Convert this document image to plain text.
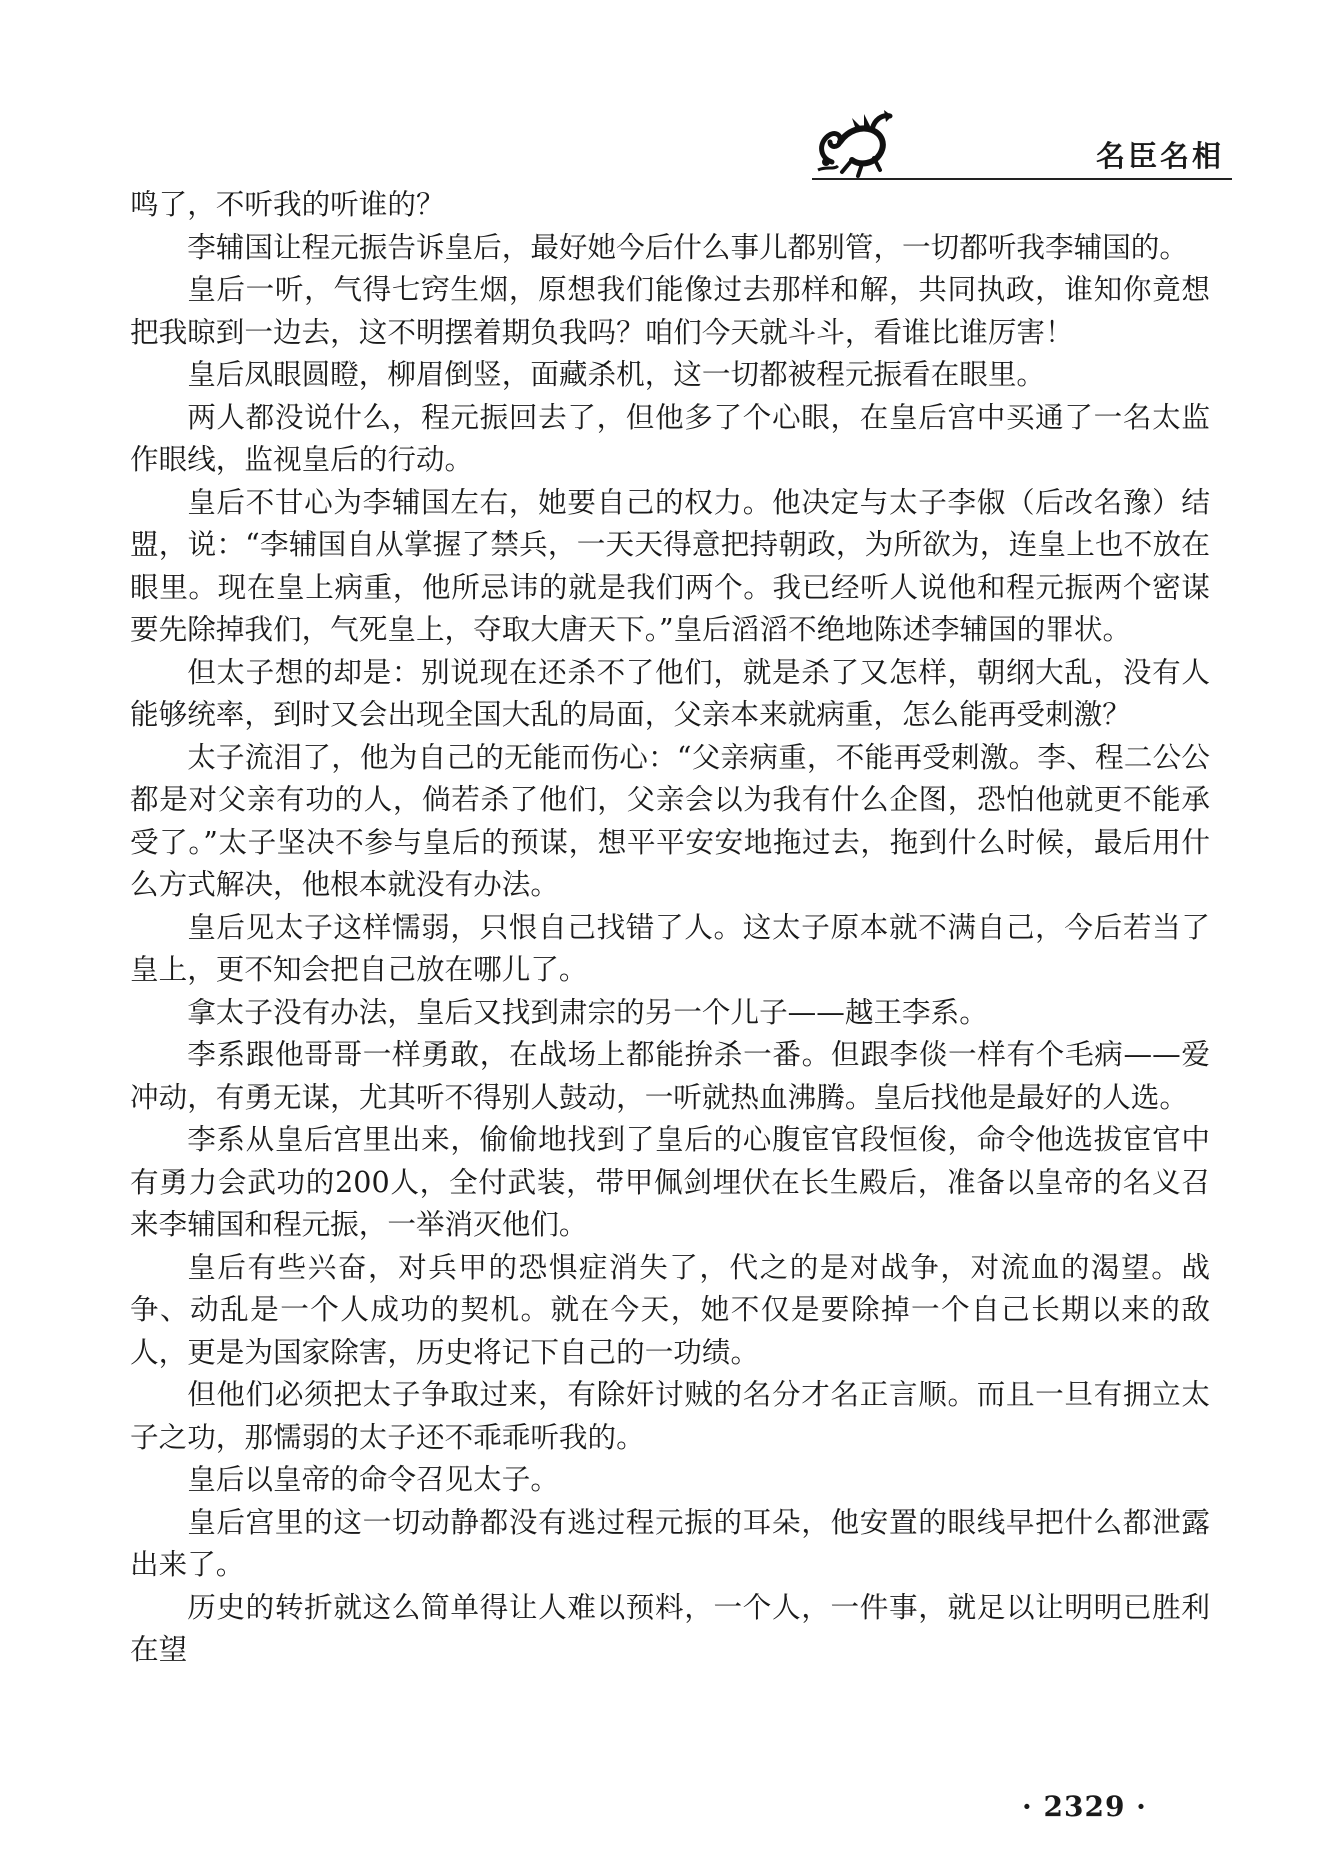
名臣名相

鸣了，不听我的听谁的？

李辅国让程元振告诉皇后，最好她今后什么事儿都别管，一切都听我李辅国的。

皇后一听，气得七窍生烟，原想我们能像过去那样和解，共同执政，谁知你竟想把我晾到一边去，这不明摆着期负我吗？咱们今天就斗斗，看谁比谁厉害！

皇后凤眼圆瞪，柳眉倒竖，面藏杀机，这一切都被程元振看在眼里。

两人都没说什么，程元振回去了，但他多了个心眼，在皇后宫中买通了一名太监作眼线，监视皇后的行动。

皇后不甘心为李辅国左右，她要自己的权力。他决定与太子李俶（后改名豫）结盟，说：“李辅国自从掌握了禁兵，一天天得意把持朝政，为所欲为，连皇上也不放在眼里。现在皇上病重，他所忌讳的就是我们两个。我已经听人说他和程元振两个密谋要先除掉我们，气死皇上，夺取大唐天下。”皇后滔滔不绝地陈述李辅国的罪状。

但太子想的却是：别说现在还杀不了他们，就是杀了又怎样，朝纲大乱，没有人能够统率，到时又会出现全国大乱的局面，父亲本来就病重，怎么能再受刺激？

太子流泪了，他为自己的无能而伤心：“父亲病重，不能再受刺激。李、程二公公都是对父亲有功的人，倘若杀了他们，父亲会以为我有什么企图，恐怕他就更不能承受了。”太子坚决不参与皇后的预谋，想平平安安地拖过去，拖到什么时候，最后用什么方式解决，他根本就没有办法。

皇后见太子这样懦弱，只恨自己找错了人。这太子原本就不满自己，今后若当了皇上，更不知会把自己放在哪儿了。

拿太子没有办法，皇后又找到肃宗的另一个儿子——越王李系。

李系跟他哥哥一样勇敢，在战场上都能拚杀一番。但跟李倓一样有个毛病——爱冲动，有勇无谋，尤其听不得别人鼓动，一听就热血沸腾。皇后找他是最好的人选。

李系从皇后宫里出来，偷偷地找到了皇后的心腹宦官段恒俊，命令他选拔宦官中有勇力会武功的200人，全付武装，带甲佩剑埋伏在长生殿后，准备以皇帝的名义召来李辅国和程元振，一举消灭他们。

皇后有些兴奋，对兵甲的恐惧症消失了，代之的是对战争，对流血的渴望。战争、动乱是一个人成功的契机。就在今天，她不仅是要除掉一个自己长期以来的敌人，更是为国家除害，历史将记下自己的一功绩。

但他们必须把太子争取过来，有除奸讨贼的名分才名正言顺。而且一旦有拥立太子之功，那懦弱的太子还不乖乖听我的。

皇后以皇帝的命令召见太子。

皇后宫里的这一切动静都没有逃过程元振的耳朵，他安置的眼线早把什么都泄露出来了。

历史的转折就这么简单得让人难以预料，一个人，一件事，就足以让明明已胜利在望

· 2329 ·
